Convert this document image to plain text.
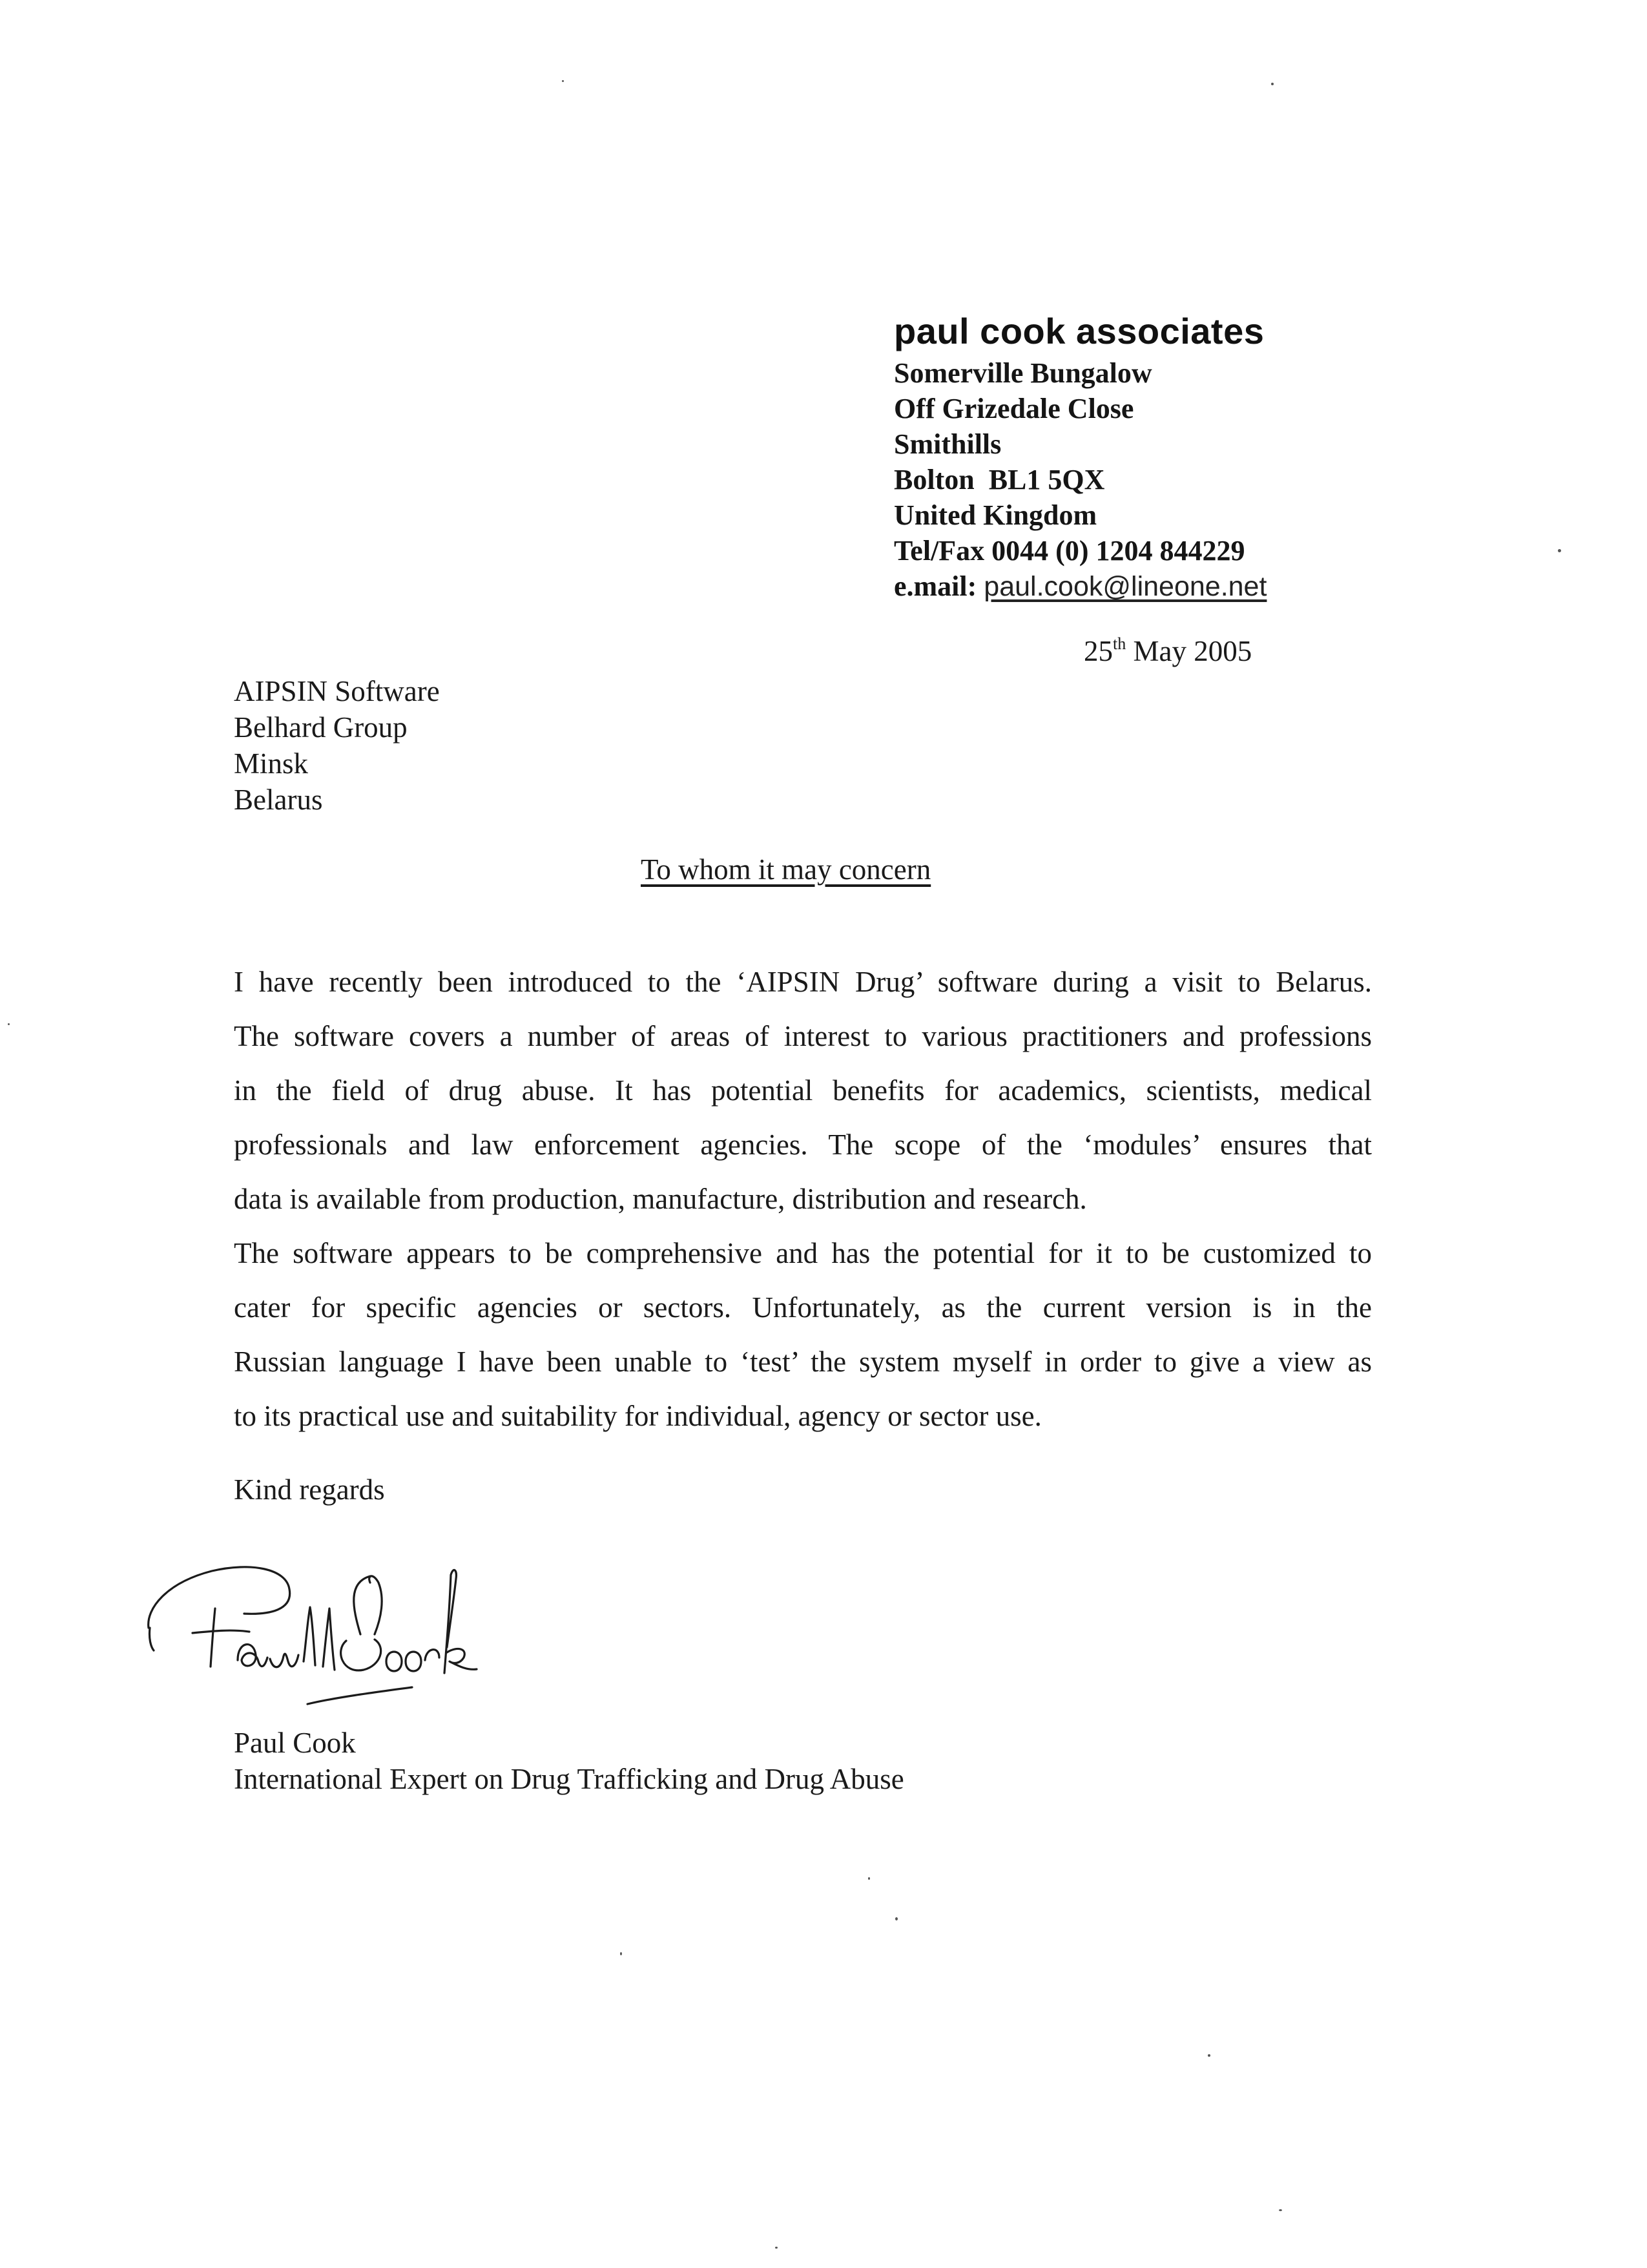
paul cook associates
Somerville Bungalow
Off Grizedale Close
Smithills
Bolton  BL1 5QX
United Kingdom
Tel/Fax 0044 (0) 1204 844229
e.mail: paul.cook@lineone.net
25th May 2005
AIPSIN Software
Belhard Group
Minsk
Belarus
To whom it may concern
I have recently been introduced to the ‘AIPSIN Drug’ software during a visit to Belarus.
The software covers a number of areas of interest to various practitioners and professions
in the field of drug abuse. It has potential benefits for academics, scientists, medical
professionals and law enforcement agencies. The scope of the ‘modules’ ensures that
data is available from production, manufacture, distribution and research.
The software appears to be comprehensive and has the potential for it to be customized to
cater for specific agencies or sectors. Unfortunately, as the current version is in the
Russian language I have been unable to ‘test’ the system myself in order to give a view as
to its practical use and suitability for individual, agency or sector use.
Kind regards
Paul Cook
International Expert on Drug Trafficking and Drug Abuse
